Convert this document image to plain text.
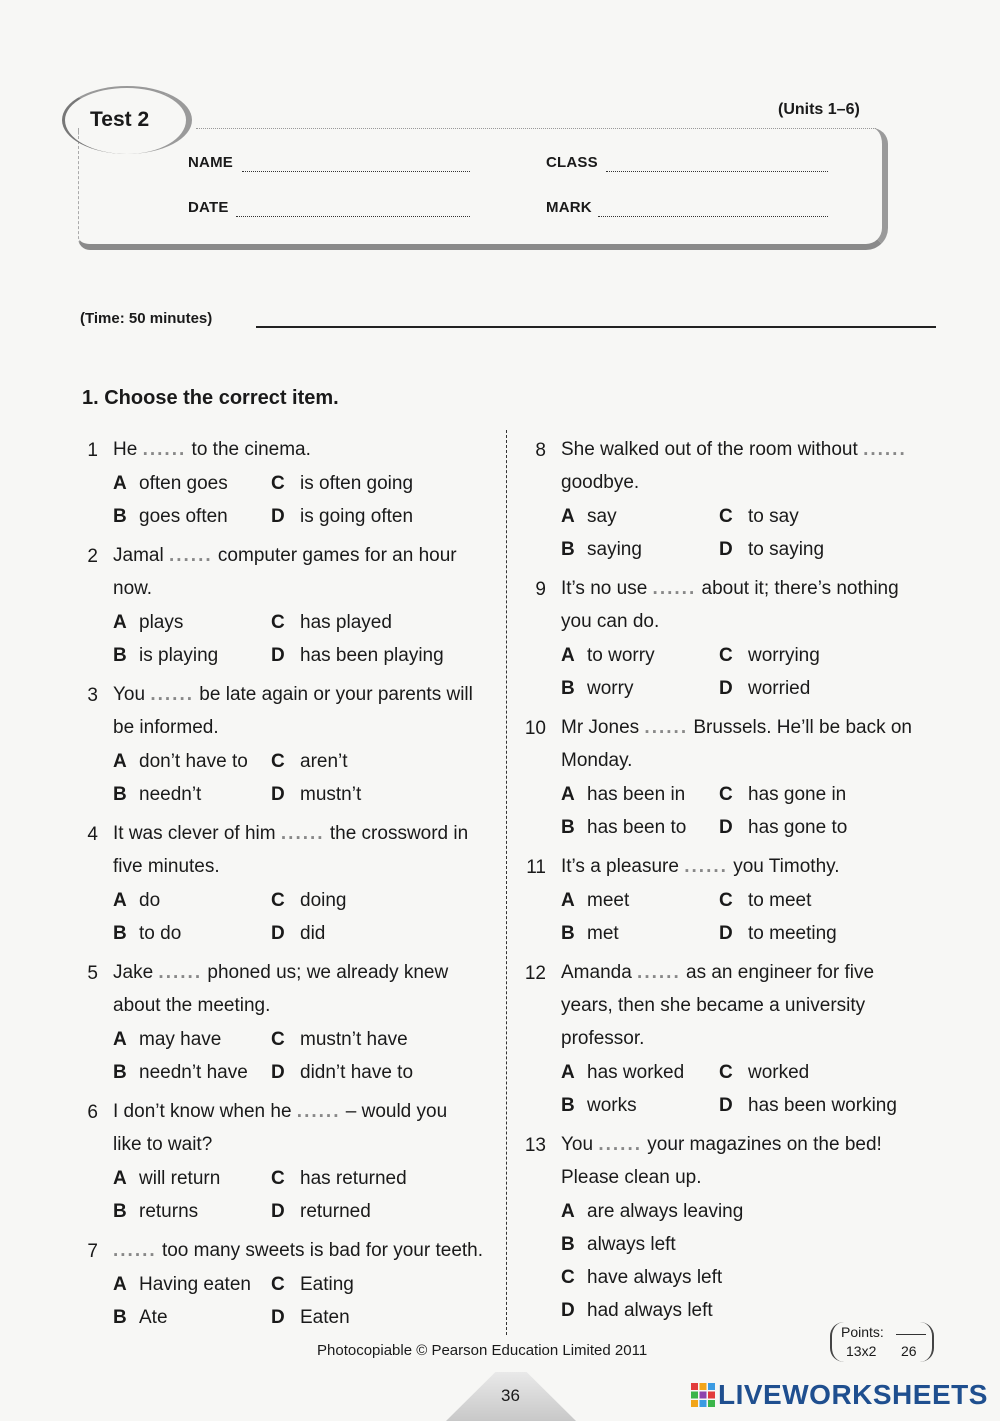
Test 2	(Units 1–6)
NAME	CLASS
DATE	MARK
(Time: 50 minutes)
1. Choose the correct item.
1 He ...... to the cinema.
A often goes C is often going
B goes often D is going often
2 Jamal ...... computer games for an hour
now.
A plays	C has played
B is playing	D has been playing
3 You ...... be late again or your parents will
be informed.
A don’t have to C aren’t
B needn’t	D mustn’t
4 It was clever of him ...... the crossword in
five minutes.
A do	C doing
B to do	D did
5 Jake ...... phoned us; we already knew
about the meeting.
A may have	C mustn’t have
B needn’t have D didn’t have to
6 I don’t know when he ...... – would you
like to wait?
A will return	C has returned
B returns	D returned
7 ...... too many sweets is bad for your teeth.
A Having eaten C Eating
B Ate	D Eaten
8 She walked out of the room without ......
goodbye.
A say	C to say
B saying	D to saying
9 It’s no use ...... about it; there’s nothing
you can do.
A to worry	C worrying
B worry	D worried
10 Mr Jones ...... Brussels. He’ll be back on
Monday.
A has been in C has gone in
B has been to D has gone to
11 It’s a pleasure ...... you Timothy.
A meet	C to meet
B met	D to meeting
12 Amanda ...... as an engineer for five
years, then she became a university
professor.
A has worked C worked
B works	D has been working
13 You ...... your magazines on the bed!
Please clean up.
A are always leaving
B always left
C have always left
D had always left
Photocopiable © Pearson Education Limited 2011
Points:
13x2 26
36	LIVEWORKSHEETS
